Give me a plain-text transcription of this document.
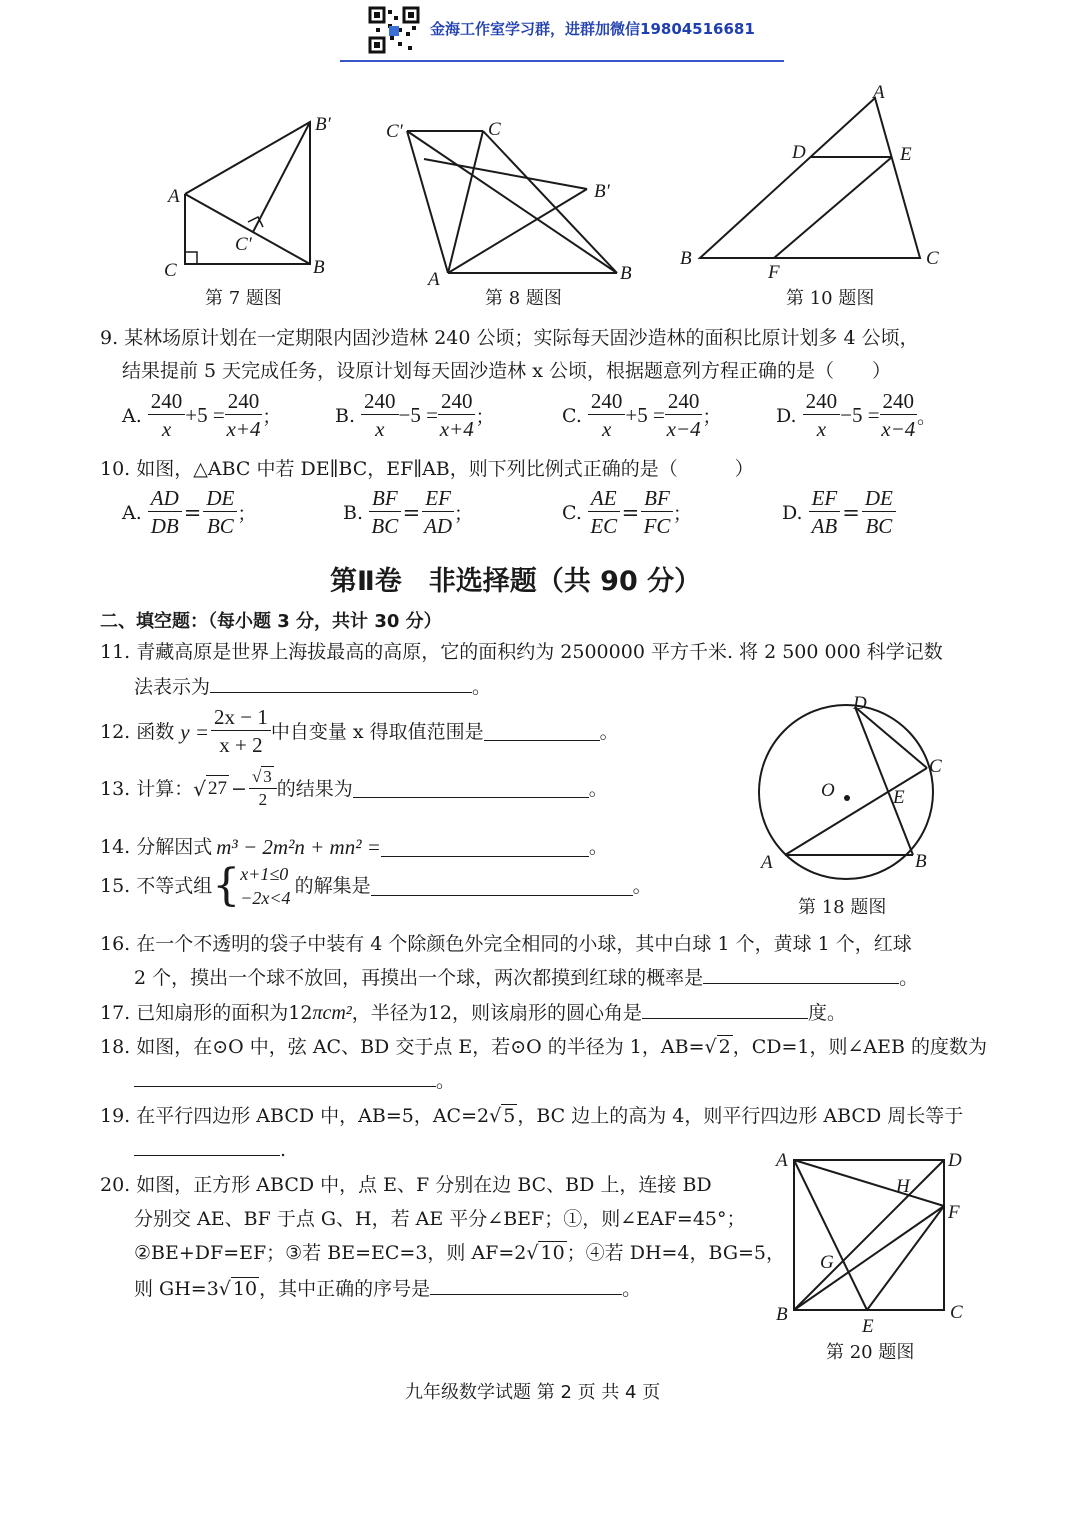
金海工作室学习群，进群加微信19804516681
B′
A
C′
C	B
第 7 题图
C′	C
B′
A	B
第 8 题图
A
D	E
B
F
C
第 10 题图
9. 某林场原计划在一定期限内固沙造林 240 公顷；实际每天固沙造林的面积比原计划多 4 公顷，
结果提前 5 天完成任务，设原计划每天固沙造林 x 公顷，根据题意列方程正确的是（　　）
A. $\frac{240}{x} +5 = \frac{240}{x+4}$ ；	B. $\frac{240}{x} -5 = \frac{240}{x+4}$ ；	C. $\frac{240}{x} +5 = \frac{240}{x-4}$ ；	D. $\frac{240}{x} -5 = \frac{240}{x-4}$ 。
10. 如图，△ABC 中若 DE∥BC，EF∥AB，则下列比例式正确的是（　　　）
A. $\frac{AD}{DB} = \frac{DE}{BC}$ ；	B. $\frac{BF}{BC} = \frac{EF}{AD}$ ；	C. $\frac{AE}{EC} = \frac{BF}{FC}$ ；	D. $\frac{EF}{AB} = \frac{DE}{BC}$
第Ⅱ卷　非选择题（共 90 分）
二、填空题：（每小题 3 分，共计 30 分）
11. 青藏高原是世界上海拔最高的高原，它的面积约为 2500000 平方千米. 将 2 500 000 科学记数
法表示为	。
12. 函数 $y = \frac{2x - 1}{x + 2}$ 中自变量 x 得取值范围是	。
13. 计算： √ $27 - \frac{√ 3}{2}$ 的结果为	。
14. 分解因式 m³ − 2m²n + mn² =	。
15. 不等式组 { x+1≤0
−2x<4
的解集是	。
D
C
O	E
A	B
第 18 题图
16. 在一个不透明的袋子中装有 4 个除颜色外完全相同的小球，其中白球 1 个，黄球 1 个，红球
2 个，摸出一个球不放回，再摸出一个球，两次都摸到红球的概率是	。
17. 已知扇形的面积为12πcm²，半径为12，则该扇形的圆心角是	度。
18. 如图，在⊙O 中，弦 AC、BD 交于点 E，若⊙O 的半径为 1，AB=√ 2 ，CD=1，则∠AEB 的度数为
。
19. 在平行四边形 ABCD 中，AB=5，AC=2√ 5 ，BC 边上的高为 4，则平行四边形 ABCD 周长等于
.
20. 如图，正方形 ABCD 中，点 E、F 分别在边 BC、BD 上，连接 BD
分别交 AE、BF 于点 G、H，若 AE 平分∠BEF；①，则∠EAF=45°；
②BE+DF=EF；③若 BE=EC=3，则 AF=2√ 10 ；④若 DH=4，BG=5，
则 GH=3√ 10 ，其中正确的序号是	。
A	D
H
F
G
B
E
C
第 20 题图
九年级数学试题 第 2 页 共 4 页
